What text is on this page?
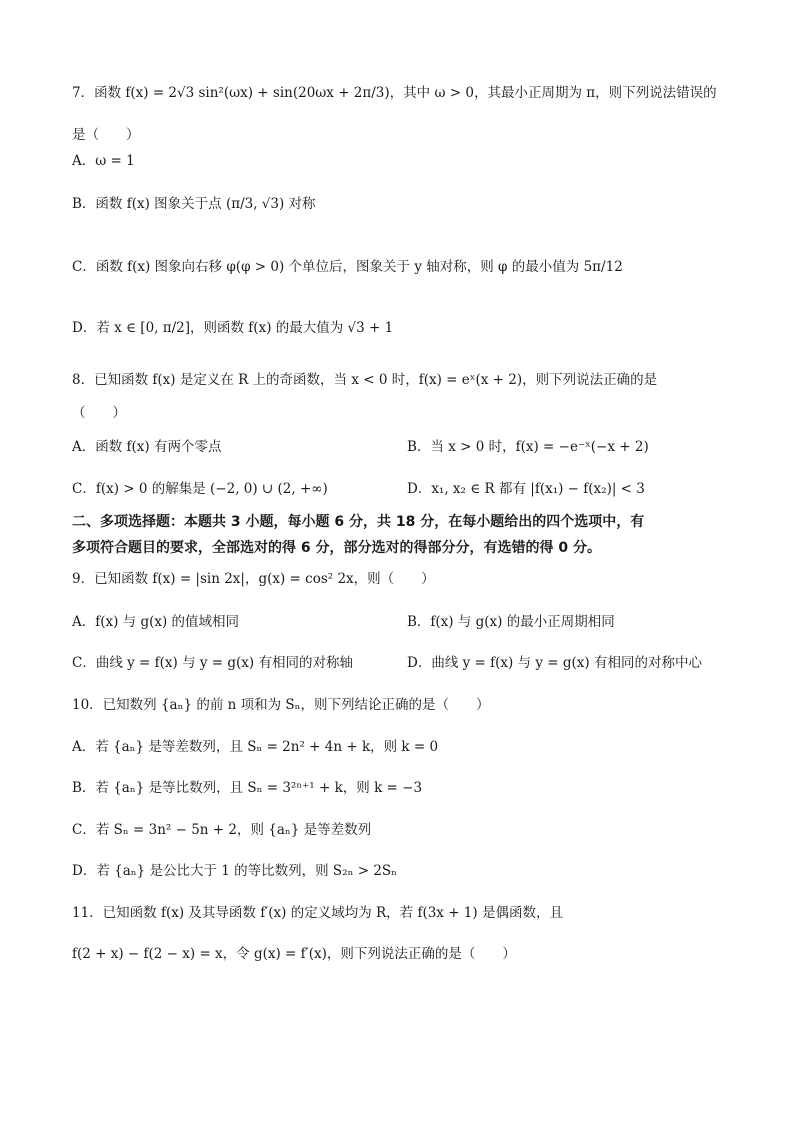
7．函数 f(x) = 2√3 sin²(ωx) + sin(20ωx + 2π/3)，其中 ω > 0，其最小正周期为 π，则下列说法错误的
是（　　）
A．ω = 1
B．函数 f(x) 图象关于点 (π/3, √3) 对称
C．函数 f(x) 图象向右移 φ(φ > 0) 个单位后，图象关于 y 轴对称，则 φ 的最小值为 5π/12
D．若 x ∈ [0, π/2]，则函数 f(x) 的最大值为 √3 + 1
8．已知函数 f(x) 是定义在 R 上的奇函数，当 x < 0 时，f(x) = eˣ(x + 2)，则下列说法正确的是
（　　）
A．函数 f(x) 有两个零点
C．f(x) > 0 的解集是 (−2, 0) ∪ (2, +∞)
二、多项选择题：本题共 3 小题，每小题 6 分，共 18 分，在每小题给出的四个选项中，有
多项符合题目的要求，全部选对的得 6 分，部分选对的得部分分，有选错的得 0 分。
9．已知函数 f(x) = |sin 2x|，g(x) = cos² 2x，则（　　）
A．f(x) 与 g(x) 的值域相同
C．曲线 y = f(x) 与 y = g(x) 有相同的对称轴
10．已知数列 {aₙ} 的前 n 项和为 Sₙ，则下列结论正确的是（　　）
A．若 {aₙ} 是等差数列，且 Sₙ = 2n² + 4n + k，则 k = 0
B．若 {aₙ} 是等比数列，且 Sₙ = 3²ⁿ⁺¹ + k，则 k = −3
C．若 Sₙ = 3n² − 5n + 2，则 {aₙ} 是等差数列
D．若 {aₙ} 是公比大于 1 的等比数列，则 S₂ₙ > 2Sₙ
11．已知函数 f(x) 及其导函数 f′(x) 的定义域均为 R，若 f(3x + 1) 是偶函数，且
f(2 + x) − f(2 − x) = x，令 g(x) = f′(x)，则下列说法正确的是（　　）
B．当 x > 0 时，f(x) = −e⁻ˣ(−x + 2)
D．x₁, x₂ ∈ R 都有 |f(x₁) − f(x₂)| < 3
B．f(x) 与 g(x) 的最小正周期相同
D．曲线 y = f(x) 与 y = g(x) 有相同的对称中心
